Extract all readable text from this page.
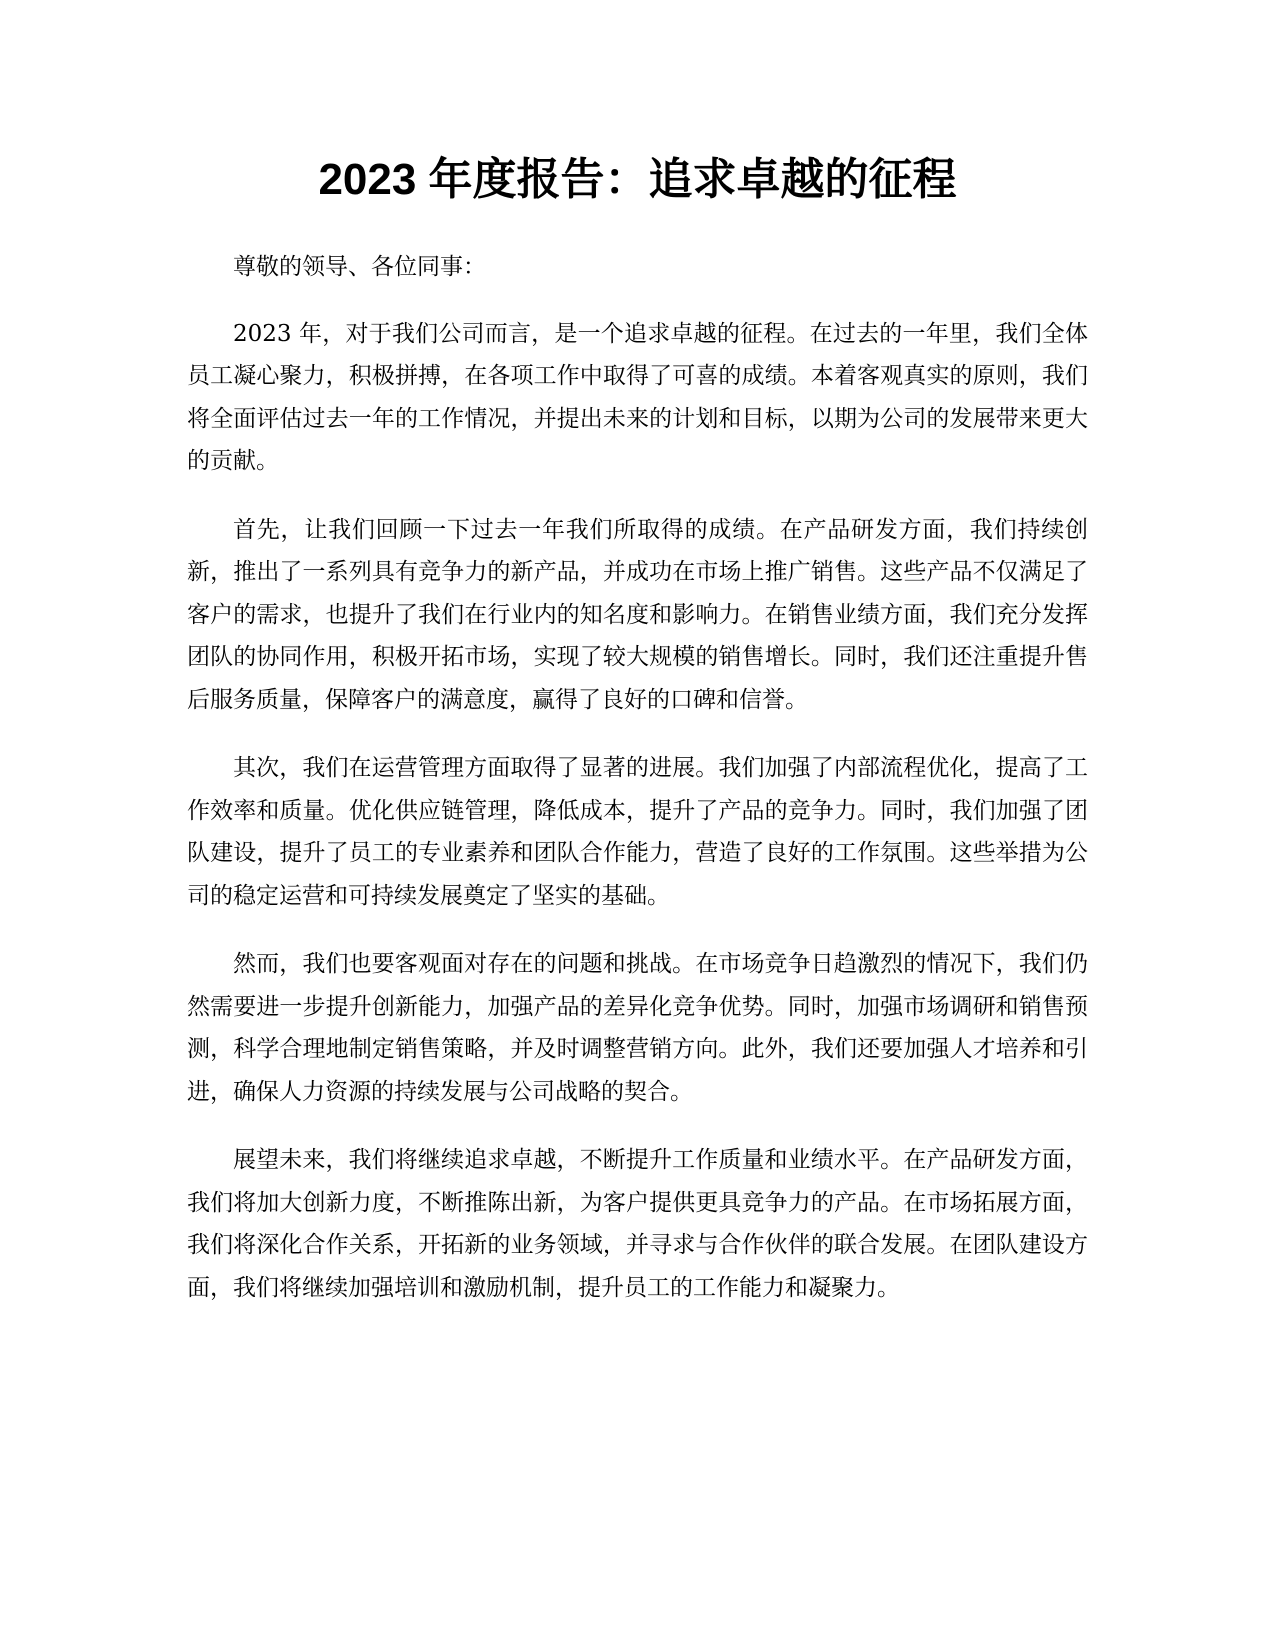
2023 年度报告：追求卓越的征程

尊敬的领导、各位同事：

2023 年，对于我们公司而言，是一个追求卓越的征程。在过去的一年里，我们全体员工凝心聚力，积极拼搏，在各项工作中取得了可喜的成绩。本着客观真实的原则，我们将全面评估过去一年的工作情况，并提出未来的计划和目标，以期为公司的发展带来更大的贡献。

首先，让我们回顾一下过去一年我们所取得的成绩。在产品研发方面，我们持续创新，推出了一系列具有竞争力的新产品，并成功在市场上推广销售。这些产品不仅满足了客户的需求，也提升了我们在行业内的知名度和影响力。在销售业绩方面，我们充分发挥团队的协同作用，积极开拓市场，实现了较大规模的销售增长。同时，我们还注重提升售后服务质量，保障客户的满意度，赢得了良好的口碑和信誉。

其次，我们在运营管理方面取得了显著的进展。我们加强了内部流程优化，提高了工作效率和质量。优化供应链管理，降低成本，提升了产品的竞争力。同时，我们加强了团队建设，提升了员工的专业素养和团队合作能力，营造了良好的工作氛围。这些举措为公司的稳定运营和可持续发展奠定了坚实的基础。

然而，我们也要客观面对存在的问题和挑战。在市场竞争日趋激烈的情况下，我们仍然需要进一步提升创新能力，加强产品的差异化竞争优势。同时，加强市场调研和销售预测，科学合理地制定销售策略，并及时调整营销方向。此外，我们还要加强人才培养和引进，确保人力资源的持续发展与公司战略的契合。

展望未来，我们将继续追求卓越，不断提升工作质量和业绩水平。在产品研发方面，我们将加大创新力度，不断推陈出新，为客户提供更具竞争力的产品。在市场拓展方面，我们将深化合作关系，开拓新的业务领域，并寻求与合作伙伴的联合发展。在团队建设方面，我们将继续加强培训和激励机制，提升员工的工作能力和凝聚力。
